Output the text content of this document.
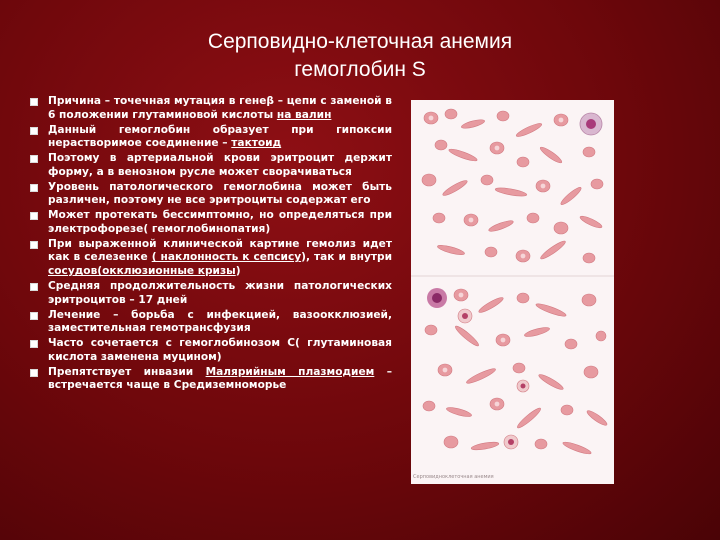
Серповидно-клеточная анемия
гемоглобин S
Причина – точечная мутация в генеβ – цепи с заменой в 6 положении глутаминовой кислоты на валин
Данный гемоглобин образует при гипоксии нерастворимое соединение – тактоид
Поэтому в артериальной крови эритроцит держит форму, а в венозном русле может сворачиваться
Уровень патологического гемоглобина может быть различен, поэтому не все эритроциты содержат его
Может протекать бессимптомно, но определяться при электрофорезе( гемоглобинопатия)
При выраженной клинической картине гемолиз идет как в селезенке ( наклонность к сепсису), так и внутри сосудов(окклюзионные кризы)
Средняя продолжительность жизни патологических эритроцитов – 17 дней
Лечение – борьба с инфекцией, вазоокклюзией, заместительная гемотрансфузия
Часто сочетается с гемоглобинозом С( глутаминовая кислота заменена муцином)
Препятствует инвазии Малярийным плазмодием – встречается чаще в Средиземноморье
Серповидноклеточная анемия
